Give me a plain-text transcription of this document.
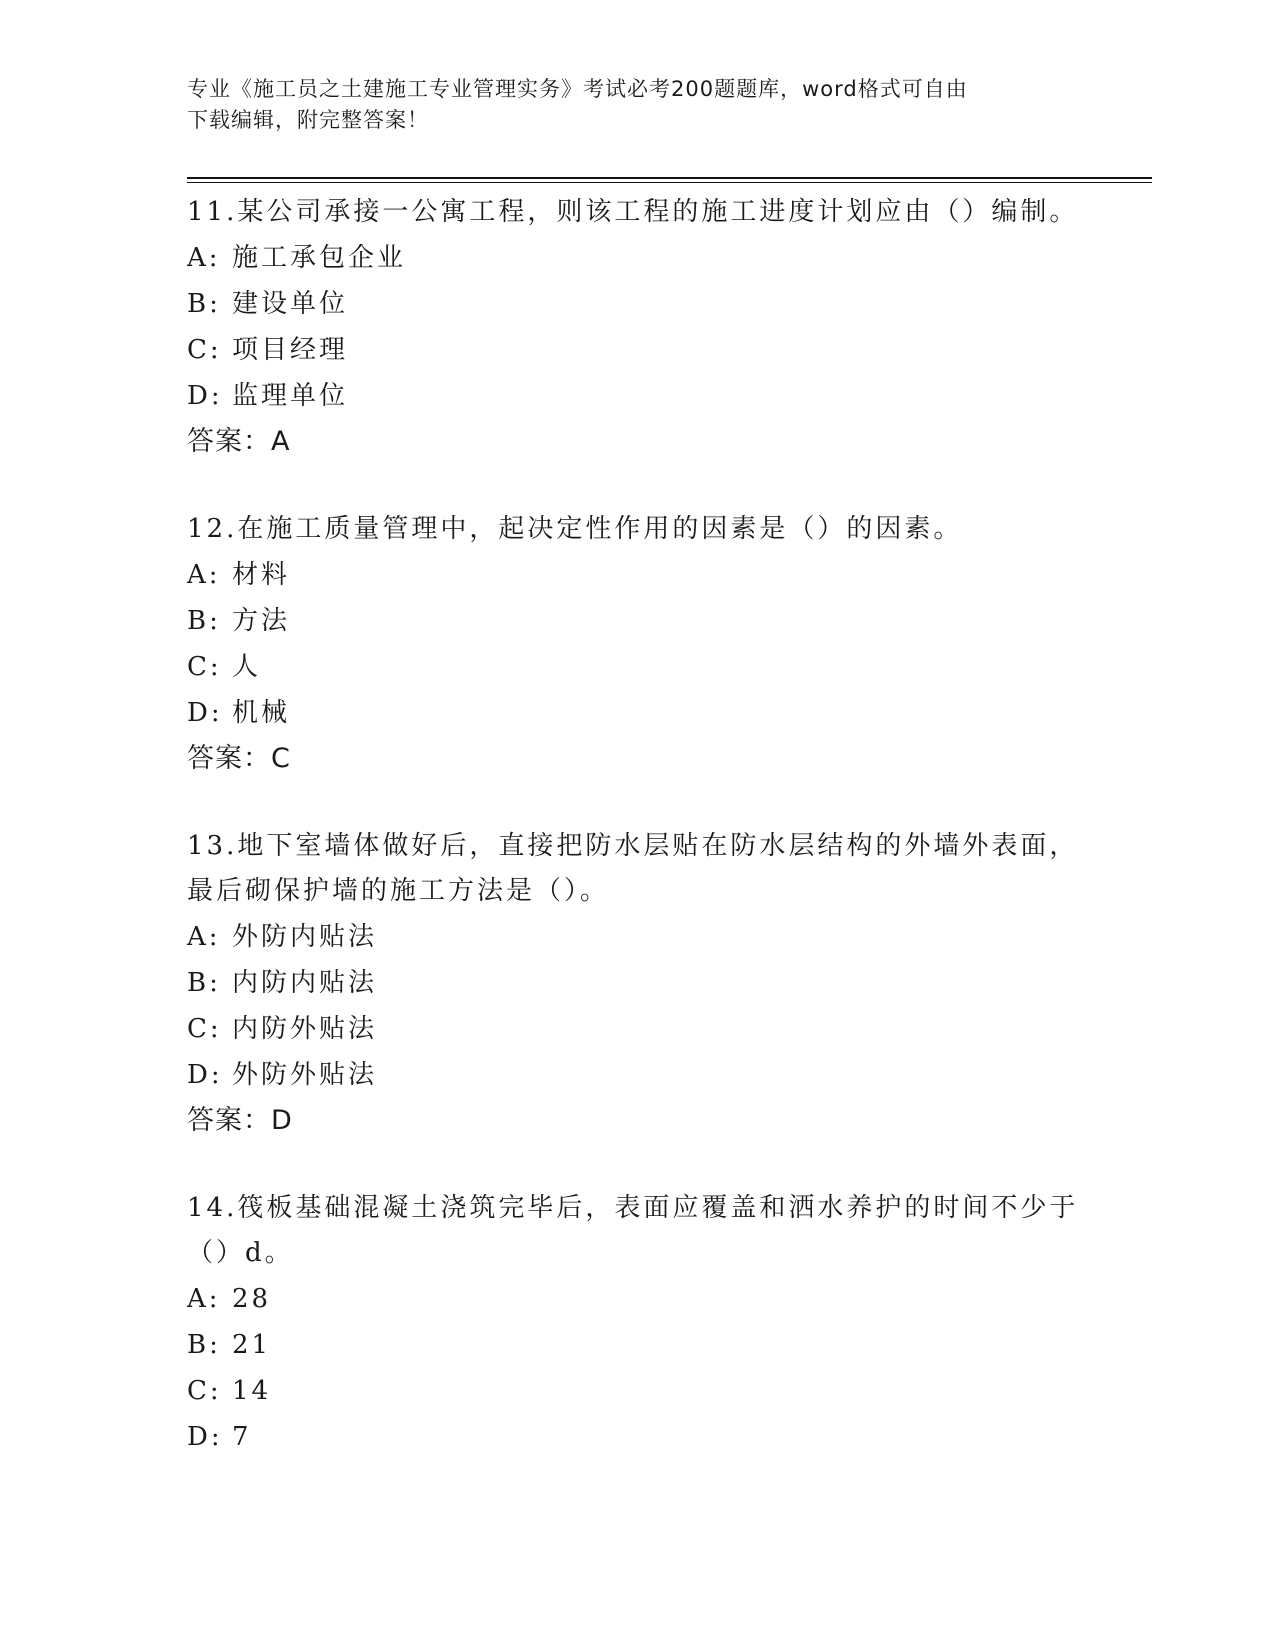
专业《施工员之土建施工专业管理实务》考试必考200题题库，word格式可自由
下载编辑，附完整答案！
11.某公司承接一公寓工程，则该工程的施工进度计划应由（）编制。
A: 施工承包企业
B: 建设单位
C: 项目经理
D: 监理单位
答案：A
12.在施工质量管理中，起决定性作用的因素是（）的因素。
A: 材料
B: 方法
C: 人
D: 机械
答案：C
13.地下室墙体做好后，直接把防水层贴在防水层结构的外墙外表面，
最后砌保护墙的施工方法是（）。
A: 外防内贴法
B: 内防内贴法
C: 内防外贴法
D: 外防外贴法
答案：D
14.筏板基础混凝土浇筑完毕后，表面应覆盖和洒水养护的时间不少于
（）d。
A: 28
B: 21
C: 14
D: 7
